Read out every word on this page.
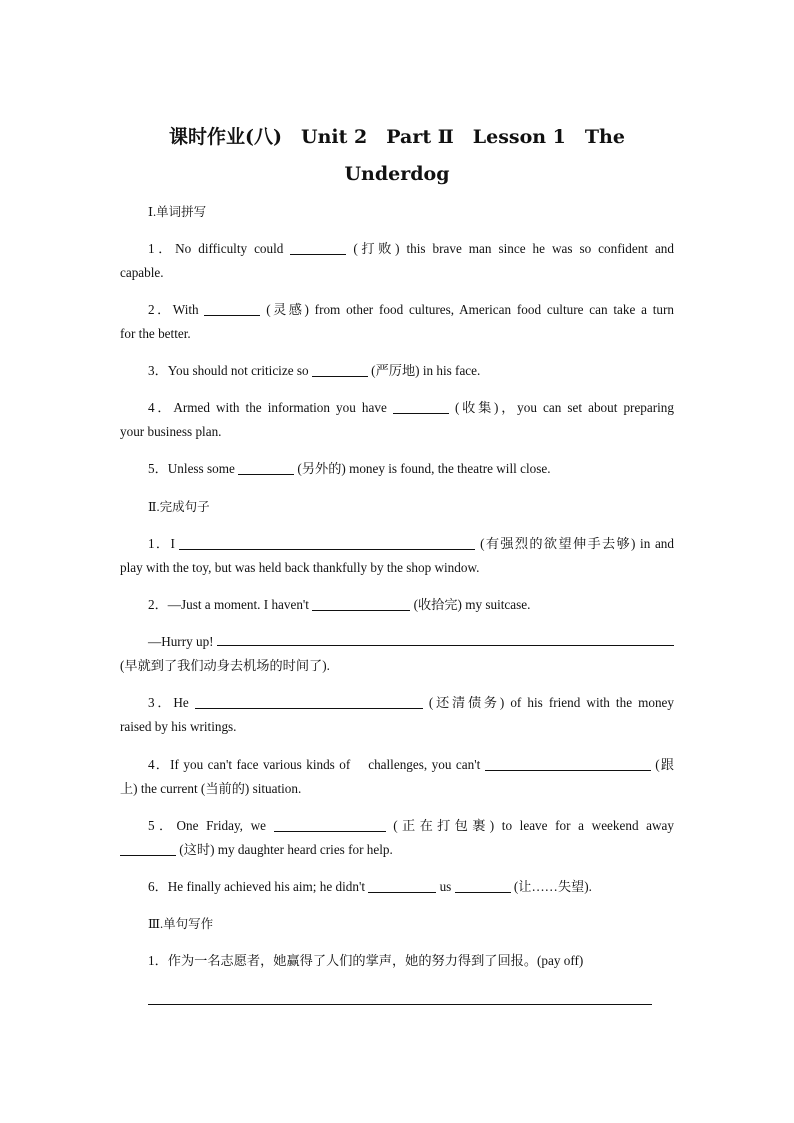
课时作业(八)　Unit 2　Part Ⅱ　Lesson 1　The
Underdog
Ⅰ.单词拼写
1．No difficulty could	(打败) this brave man since he was so confident and
capable.
2．With	(灵感) from other food cultures, American food culture can take a turn
for the better.
3．You should not criticize so	(严厉地) in his face.
4．Armed with the information you have	(收集)，you can set about preparing
your business plan.
5．Unless some	(另外的) money is found, the theatre will close.
Ⅱ.完成句子
1．I	(有强烈的欲望伸手去够) in and
play with the toy, but was held back thankfully by the shop window.
2．—Just a moment. I haven't	(收拾完) my suitcase.
—Hurry up!
(早就到了我们动身去机场的时间了).
3．He	(还清债务) of his friend with the money
raised by his writings.
4．If you can't face various kinds of    challenges, you can't	(跟
上) the current (当前的) situation.
5．One Friday, we	(正在打包裹) to leave for a weekend away
(这时) my daughter heard cries for help.
6．He finally achieved his aim; he didn't	us	(让……失望).
Ⅲ.单句写作
1．作为一名志愿者，她赢得了人们的掌声，她的努力得到了回报。(pay off)
